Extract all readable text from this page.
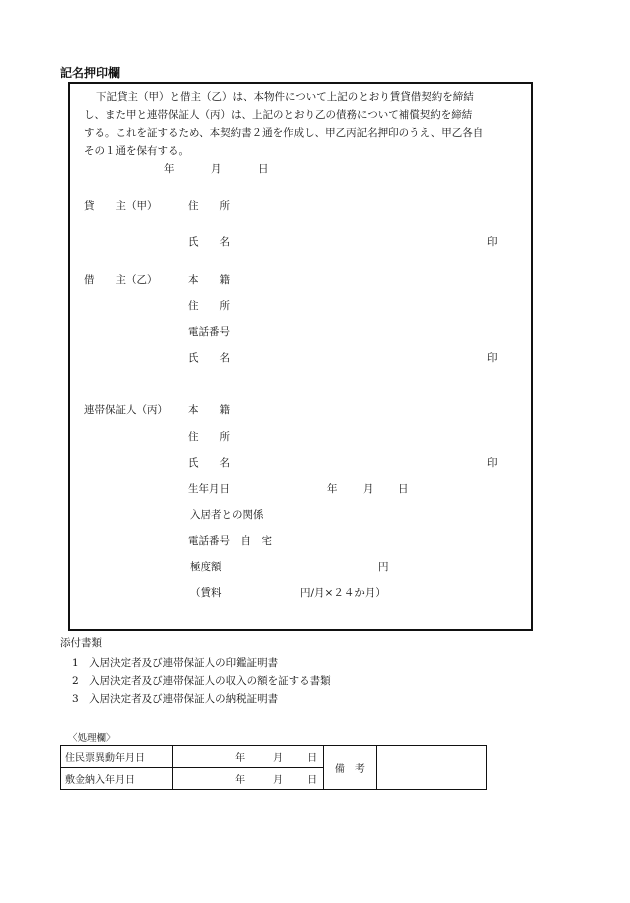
記名押印欄
下記貸主（甲）と借主（乙）は、本物件について上記のとおり賃貸借契約を締結
し、また甲と連帯保証人（丙）は、上記のとおり乙の債務について補償契約を締結
する。これを証するため、本契約書２通を作成し、甲乙丙記名押印のうえ、甲乙各自
その１通を保有する。
年	月	日
貸　　主（甲）	住　　所
氏　　名	印
借　　主（乙）	本　　籍
住　　所
電話番号
氏　　名	印
連帯保証人（丙） 本　　籍
住　　所
氏　　名	印
生年月日	年 月 日
入居者との関係
電話番号　自　宅
極度額	円
（賃料	円/月×２４か月）
添付書類
1　入居決定者及び連帯保証人の印鑑証明書
2　入居決定者及び連帯保証人の収入の額を証する書類
3　入居決定者及び連帯保証人の納税証明書
〈処理欄〉
住民票異動年月日	年 月 日	備　考	
敷金納入年月日	年 月 日		
